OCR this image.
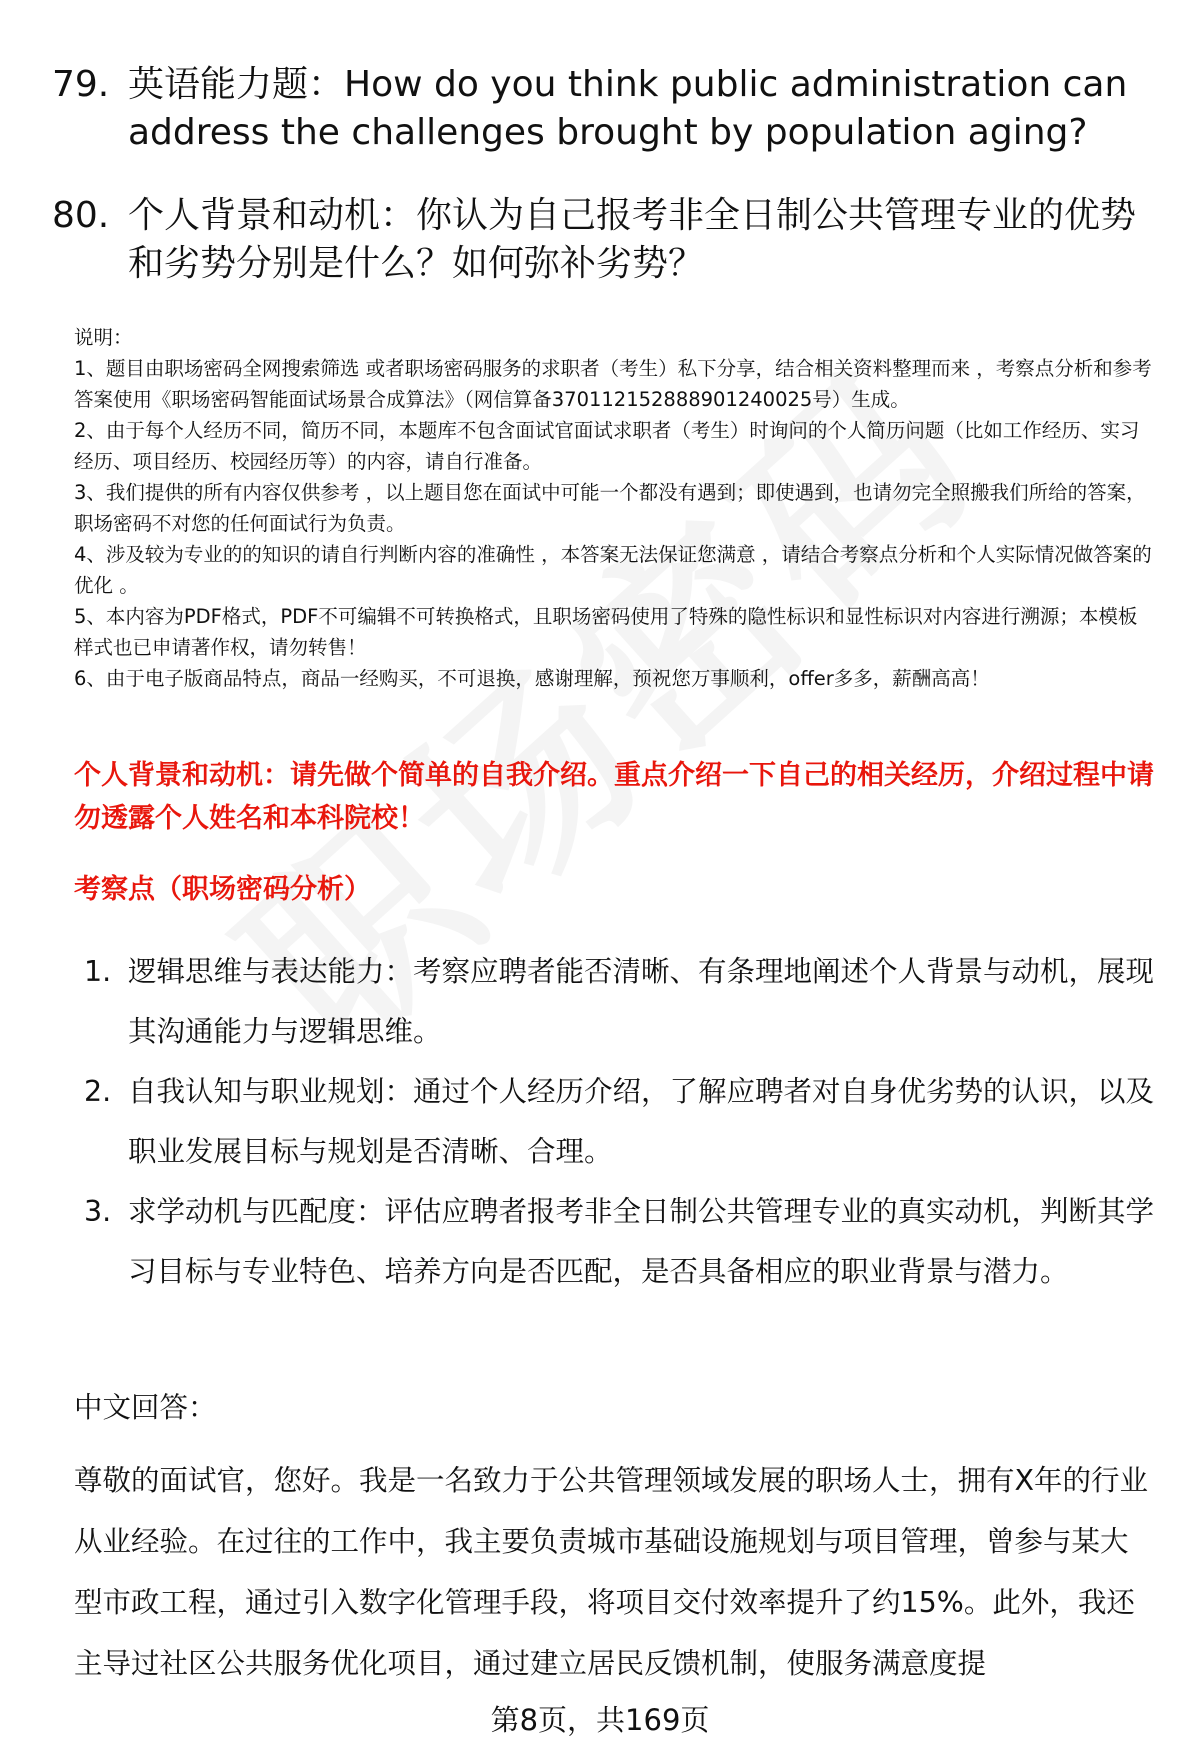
79. 英语能力题：How do you think public administration can address the challenges brought by population aging?
80. 个人背景和动机：你认为自己报考非全日制公共管理专业的优势和劣势分别是什么？如何弥补劣势？
说明：
1、题目由职场密码全网搜索筛选 或者职场密码服务的求职者（考生）私下分享，结合相关资料整理而来 ，考察点分析和参考答案使用《职场密码智能面试场景合成算法》（网信算备370112152888901240025号）生成。
2、由于每个人经历不同，简历不同，本题库不包含面试官面试求职者（考生）时询问的个人简历问题（比如工作经历、实习经历、项目经历、校园经历等）的内容，请自行准备。
3、我们提供的所有内容仅供参考 ，以上题目您在面试中可能一个都没有遇到；即使遇到，也请勿完全照搬我们所给的答案，职场密码不对您的任何面试行为负责。
4、涉及较为专业的的知识的请自行判断内容的准确性 ，本答案无法保证您满意 ，请结合考察点分析和个人实际情况做答案的优化 。
5、本内容为PDF格式，PDF不可编辑不可转换格式，且职场密码使用了特殊的隐性标识和显性标识对内容进行溯源；本模板样式也已申请著作权，请勿转售！
6、由于电子版商品特点，商品一经购买，不可退换，感谢理解，预祝您万事顺利，offer多多，薪酬高高！
个人背景和动机：请先做个简单的自我介绍。重点介绍一下自己的相关经历，介绍过程中请勿透露个人姓名和本科院校！
考察点（职场密码分析）
1. 逻辑思维与表达能力：考察应聘者能否清晰、有条理地阐述个人背景与动机，展现其沟通能力与逻辑思维。
2. 自我认知与职业规划：通过个人经历介绍，了解应聘者对自身优劣势的认识，以及职业发展目标与规划是否清晰、合理。
3. 求学动机与匹配度：评估应聘者报考非全日制公共管理专业的真实动机，判断其学习目标与专业特色、培养方向是否匹配，是否具备相应的职业背景与潜力。
中文回答：
尊敬的面试官，您好。我是一名致力于公共管理领域发展的职场人士，拥有X年的行业从业经验。在过往的工作中，我主要负责城市基础设施规划与项目管理，曾参与某大型市政工程，通过引入数字化管理手段，将项目交付效率提升了约15%。此外，我还主导过社区公共服务优化项目，通过建立居民反馈机制，使服务满意度提
第8页，共169页
